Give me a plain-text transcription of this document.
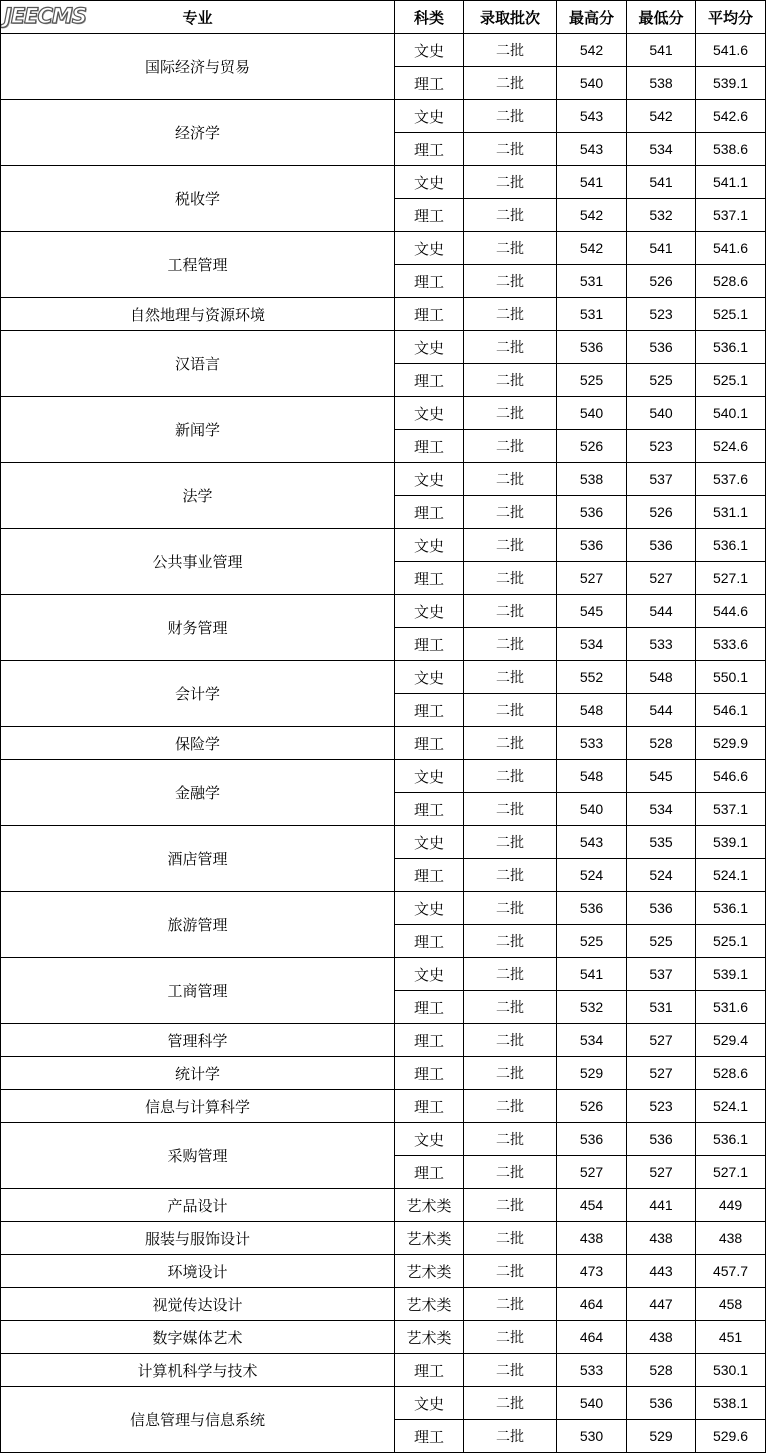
JEECMS 专业	科类	录取批次	最高分	最低分	平均分
国际经济与贸易	文史	二批	542	541	541.6
	理工	二批	540	538	539.1
经济学	文史	二批	543	542	542.6
	理工	二批	543	534	538.6
税收学	文史	二批	541	541	541.1
	理工	二批	542	532	537.1
工程管理	文史	二批	542	541	541.6
	理工	二批	531	526	528.6
自然地理与资源环境	理工	二批	531	523	525.1
汉语言	文史	二批	536	536	536.1
	理工	二批	525	525	525.1
新闻学	文史	二批	540	540	540.1
	理工	二批	526	523	524.6
法学	文史	二批	538	537	537.6
	理工	二批	536	526	531.1
公共事业管理	文史	二批	536	536	536.1
	理工	二批	527	527	527.1
财务管理	文史	二批	545	544	544.6
	理工	二批	534	533	533.6
会计学	文史	二批	552	548	550.1
	理工	二批	548	544	546.1
保险学	理工	二批	533	528	529.9
金融学	文史	二批	548	545	546.6
	理工	二批	540	534	537.1
酒店管理	文史	二批	543	535	539.1
	理工	二批	524	524	524.1
旅游管理	文史	二批	536	536	536.1
	理工	二批	525	525	525.1
工商管理	文史	二批	541	537	539.1
	理工	二批	532	531	531.6
管理科学	理工	二批	534	527	529.4
统计学	理工	二批	529	527	528.6
信息与计算科学	理工	二批	526	523	524.1
采购管理	文史	二批	536	536	536.1
	理工	二批	527	527	527.1
产品设计	艺术类	二批	454	441	449
服装与服饰设计	艺术类	二批	438	438	438
环境设计	艺术类	二批	473	443	457.7
视觉传达设计	艺术类	二批	464	447	458
数字媒体艺术	艺术类	二批	464	438	451
计算机科学与技术	理工	二批	533	528	530.1
信息管理与信息系统	文史	二批	540	536	538.1
	理工	二批	530	529	529.6
